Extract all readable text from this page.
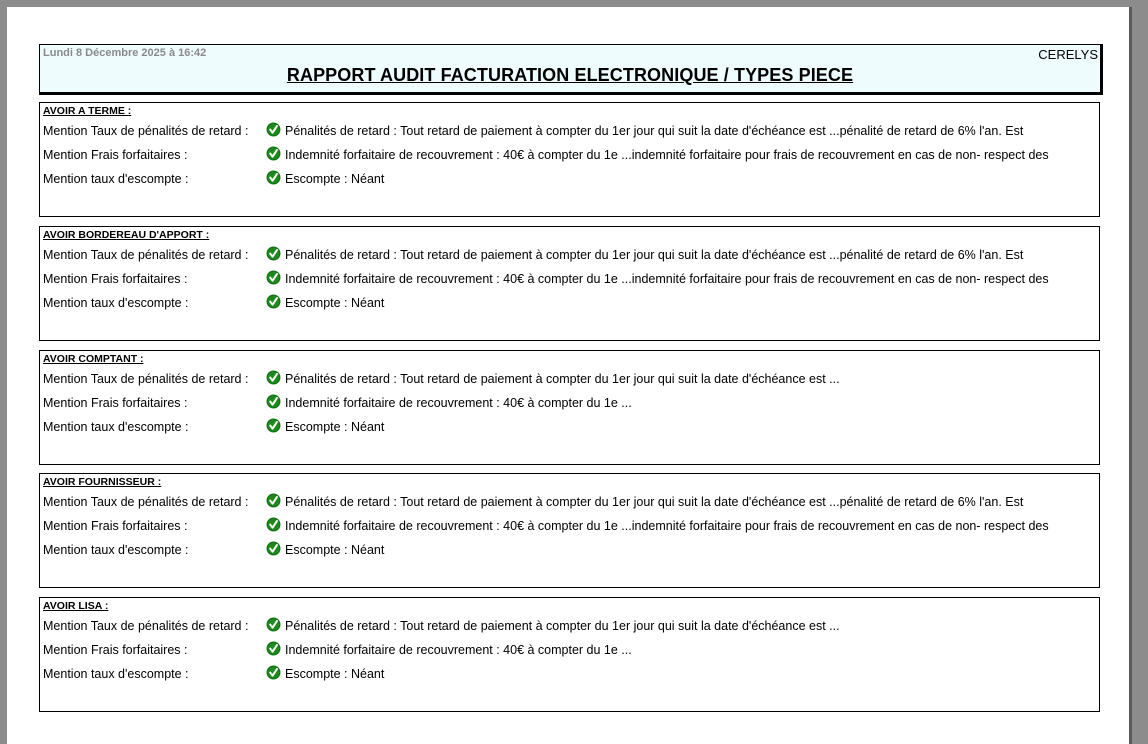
Lundi 8 Décembre 2025 à 16:42	CERELYS
RAPPORT AUDIT FACTURATION ELECTRONIQUE / TYPES PIECE
AVOIR A TERME :
Mention Taux de pénalités de retard :	Pénalités de retard : Tout retard de paiement à compter du 1er jour qui suit la date d'échéance est ...pénalité de retard de 6% l'an. Est
Mention Frais forfaitaires :	Indemnité forfaitaire de recouvrement : 40€ à compter du 1e ...indemnité forfaitaire pour frais de recouvrement en cas de non- respect des
Mention taux d'escompte :	Escompte : Néant
AVOIR BORDEREAU D'APPORT :
Mention Taux de pénalités de retard :	Pénalités de retard : Tout retard de paiement à compter du 1er jour qui suit la date d'échéance est ...pénalité de retard de 6% l'an. Est
Mention Frais forfaitaires :	Indemnité forfaitaire de recouvrement : 40€ à compter du 1e ...indemnité forfaitaire pour frais de recouvrement en cas de non- respect des
Mention taux d'escompte :	Escompte : Néant
AVOIR COMPTANT :
Mention Taux de pénalités de retard :	Pénalités de retard : Tout retard de paiement à compter du 1er jour qui suit la date d'échéance est ...
Mention Frais forfaitaires :	Indemnité forfaitaire de recouvrement : 40€ à compter du 1e ...
Mention taux d'escompte :	Escompte : Néant
AVOIR FOURNISSEUR :
Mention Taux de pénalités de retard :	Pénalités de retard : Tout retard de paiement à compter du 1er jour qui suit la date d'échéance est ...pénalité de retard de 6% l'an. Est
Mention Frais forfaitaires :	Indemnité forfaitaire de recouvrement : 40€ à compter du 1e ...indemnité forfaitaire pour frais de recouvrement en cas de non- respect des
Mention taux d'escompte :	Escompte : Néant
AVOIR LISA :
Mention Taux de pénalités de retard :	Pénalités de retard : Tout retard de paiement à compter du 1er jour qui suit la date d'échéance est ...
Mention Frais forfaitaires :	Indemnité forfaitaire de recouvrement : 40€ à compter du 1e ...
Mention taux d'escompte :	Escompte : Néant
